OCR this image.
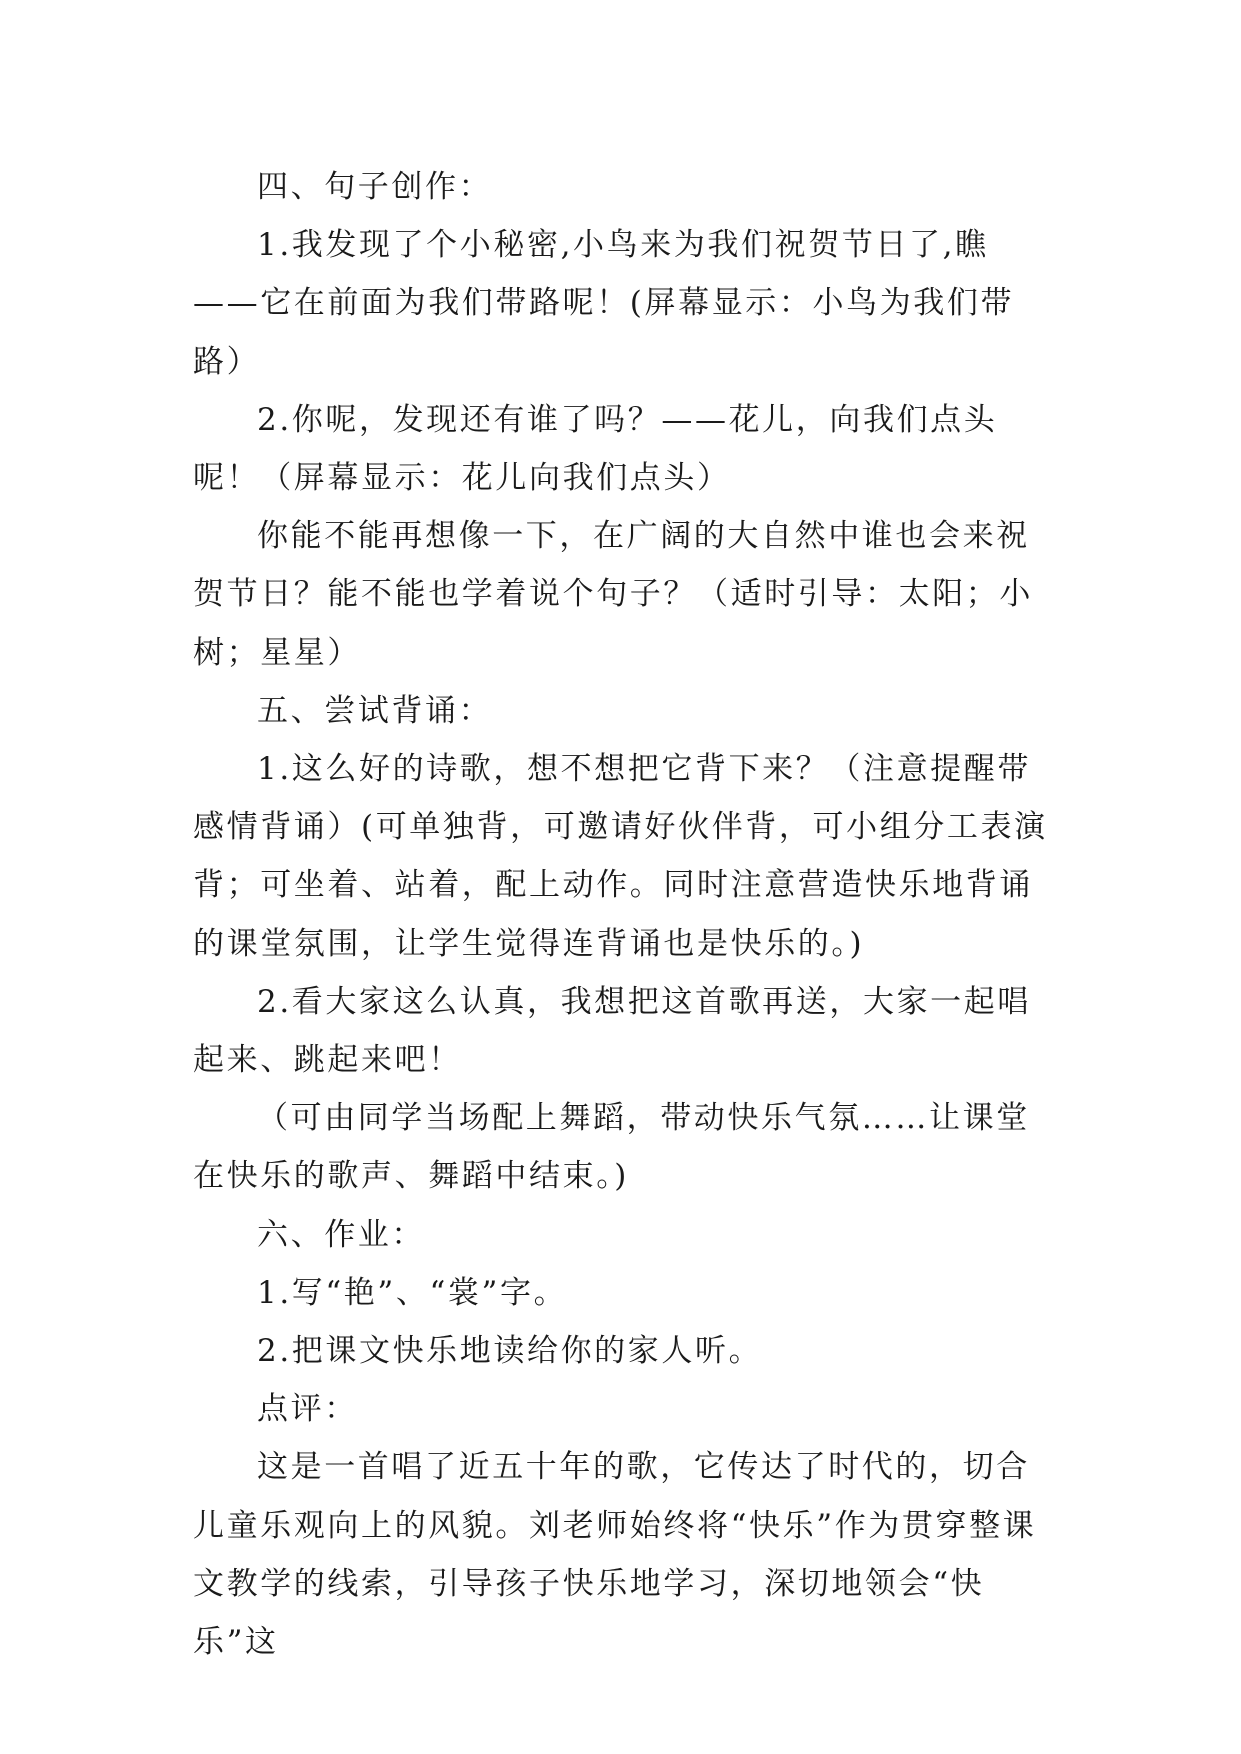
四、句子创作：

1.我发现了个小秘密,小鸟来为我们祝贺节日了,瞧——它在前面为我们带路呢！(屏幕显示：小鸟为我们带路）

2.你呢，发现还有谁了吗？——花儿，向我们点头呢！（屏幕显示：花儿向我们点头）

你能不能再想像一下，在广阔的大自然中谁也会来祝贺节日？能不能也学着说个句子？（适时引导：太阳；小树；星星）

五、尝试背诵：

1.这么好的诗歌，想不想把它背下来？（注意提醒带感情背诵）(可单独背，可邀请好伙伴背，可小组分工表演背；可坐着、站着，配上动作。同时注意营造快乐地背诵的课堂氛围，让学生觉得连背诵也是快乐的。)

2.看大家这么认真，我想把这首歌再送，大家一起唱起来、跳起来吧！

（可由同学当场配上舞蹈，带动快乐气氛……让课堂在快乐的歌声、舞蹈中结束。)

六、作业：

1.写“艳”、“裳”字。

2.把课文快乐地读给你的家人听。

点评：

这是一首唱了近五十年的歌，它传达了时代的，切合儿童乐观向上的风貌。刘老师始终将“快乐”作为贯穿整课文教学的线索，引导孩子快乐地学习，深切地领会“快乐”这
